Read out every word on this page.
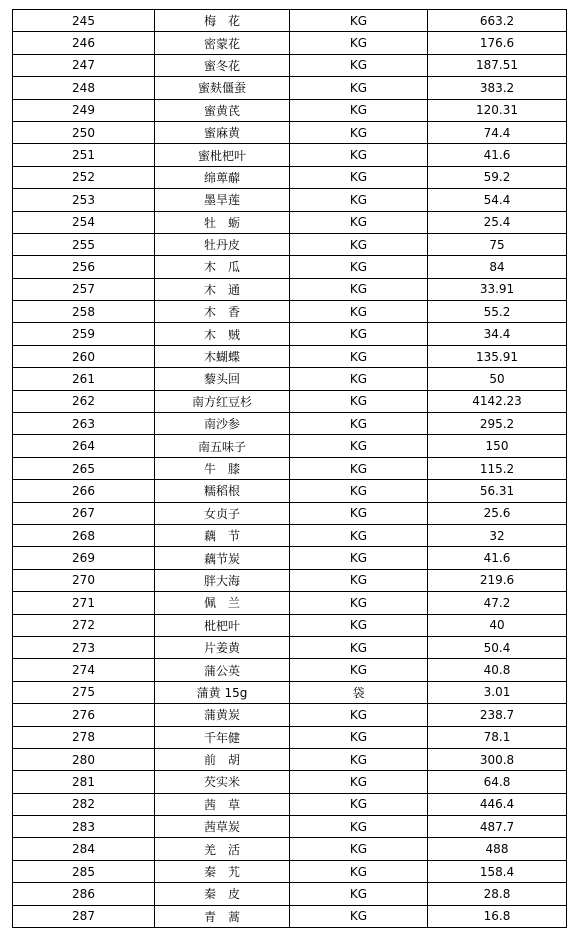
245	梅　花	KG	663.2
246	密蒙花	KG	176.6
247	蜜冬花	KG	187.51
248	蜜麸僵蚕	KG	383.2
249	蜜黄芪	KG	120.31
250	蜜麻黄	KG	74.4
251	蜜枇杷叶	KG	41.6
252	绵萆薢	KG	59.2
253	墨旱莲	KG	54.4
254	牡　蛎	KG	25.4
255	牡丹皮	KG	75
256	木　瓜	KG	84
257	木　通	KG	33.91
258	木　香	KG	55.2
259	木　贼	KG	34.4
260	木蝴蝶	KG	135.91
261	藜头回	KG	50
262	南方红豆杉	KG	4142.23
263	南沙参	KG	295.2
264	南五味子	KG	150
265	牛　膝	KG	115.2
266	糯稻根	KG	56.31
267	女贞子	KG	25.6
268	藕　节	KG	32
269	藕节炭	KG	41.6
270	胖大海	KG	219.6
271	佩　兰	KG	47.2
272	枇杷叶	KG	40
273	片姜黄	KG	50.4
274	蒲公英	KG	40.8
275	蒲黄 15g	袋	3.01
276	蒲黄炭	KG	238.7
278	千年健	KG	78.1
280	前　胡	KG	300.8
281	芡实米	KG	64.8
282	茜　草	KG	446.4
283	茜草炭	KG	487.7
284	羌　活	KG	488
285	秦　艽	KG	158.4
286	秦　皮	KG	28.8
287	青　蒿	KG	16.8
